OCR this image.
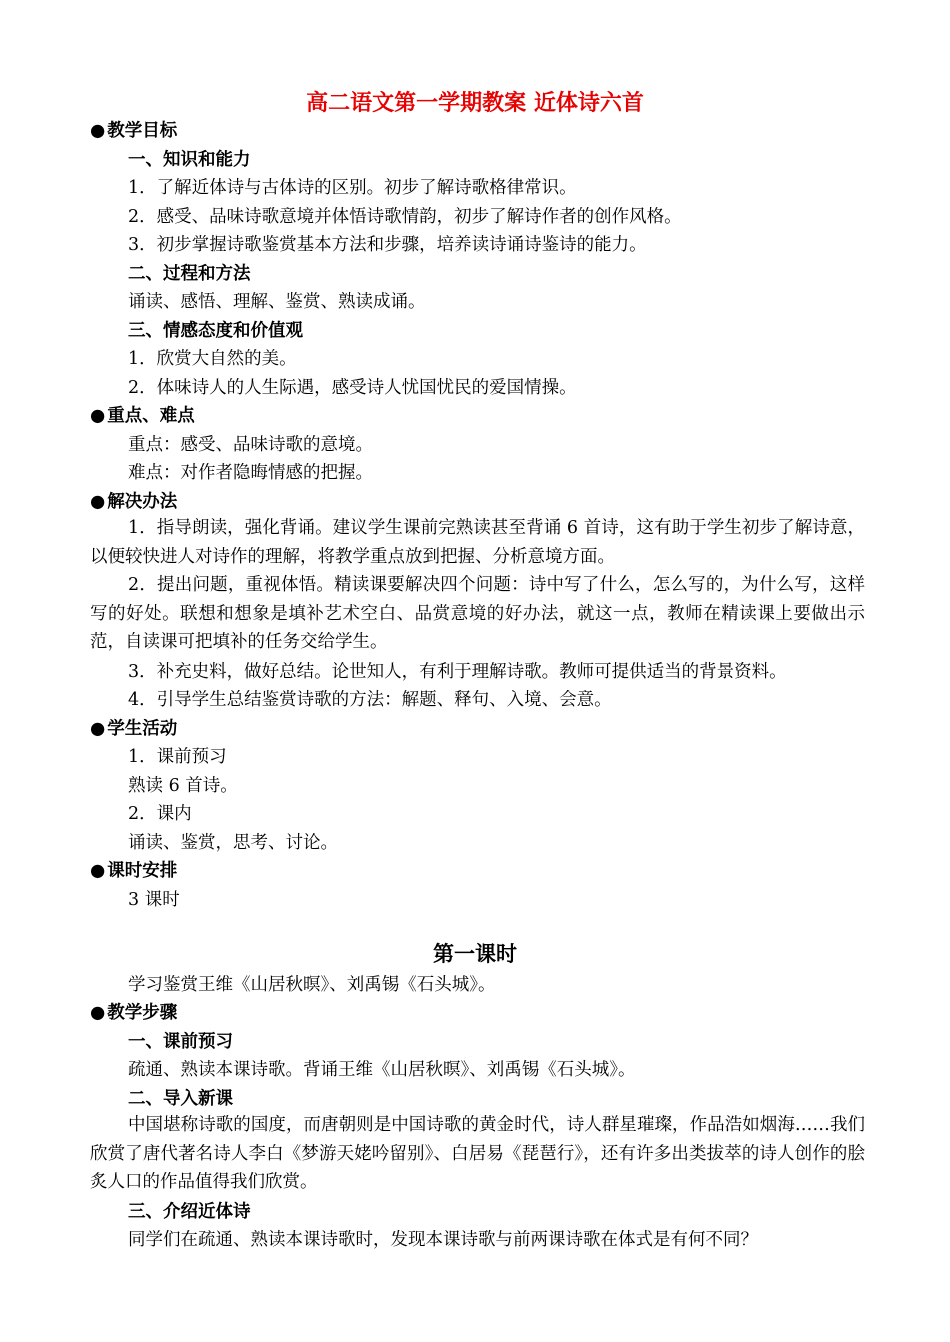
高二语文第一学期教案 近体诗六首
● 教学目标
一、知识和能力
1．了解近体诗与古体诗的区别。初步了解诗歌格律常识。
2．感受、品味诗歌意境并体悟诗歌情韵，初步了解诗作者的创作风格。
3．初步掌握诗歌鉴赏基本方法和步骤，培养读诗诵诗鉴诗的能力。
二、过程和方法
诵读、感悟、理解、鉴赏、熟读成诵。
三、情感态度和价值观
1．欣赏大自然的美。
2．体味诗人的人生际遇，感受诗人忧国忧民的爱国情操。
● 重点、难点
重点：感受、品味诗歌的意境。
难点：对作者隐晦情感的把握。
● 解决办法
1．指导朗读，强化背诵。建议学生课前完熟读甚至背诵 6 首诗，这有助于学生初步了解诗意，以便较快进人对诗作的理解，将教学重点放到把握、分析意境方面。
2．提出问题，重视体悟。精读课要解决四个问题：诗中写了什么，怎么写的，为什么写，这样写的好处。联想和想象是填补艺术空白、品赏意境的好办法，就这一点，教师在精读课上要做出示范，自读课可把填补的任务交给学生。
3．补充史料，做好总结。论世知人，有利于理解诗歌。教师可提供适当的背景资料。
4．引导学生总结鉴赏诗歌的方法：解题、释句、入境、会意。
● 学生活动
1．课前预习
熟读 6 首诗。
2．课内
诵读、鉴赏，思考、讨论。
● 课时安排
3 课时
第一课时
学习鉴赏王维《山居秋暝》、刘禹锡《石头城》。
● 教学步骤
一、课前预习
疏通、熟读本课诗歌。背诵王维《山居秋暝》、刘禹锡《石头城》。
二、导入新课
中国堪称诗歌的国度，而唐朝则是中国诗歌的黄金时代，诗人群星璀璨，作品浩如烟海……我们欣赏了唐代著名诗人李白《梦游天姥吟留别》、白居易《琵琶行》，还有许多出类拔萃的诗人创作的脍炙人口的作品值得我们欣赏。
三、介绍近体诗
同学们在疏通、熟读本课诗歌时，发现本课诗歌与前两课诗歌在体式是有何不同？
